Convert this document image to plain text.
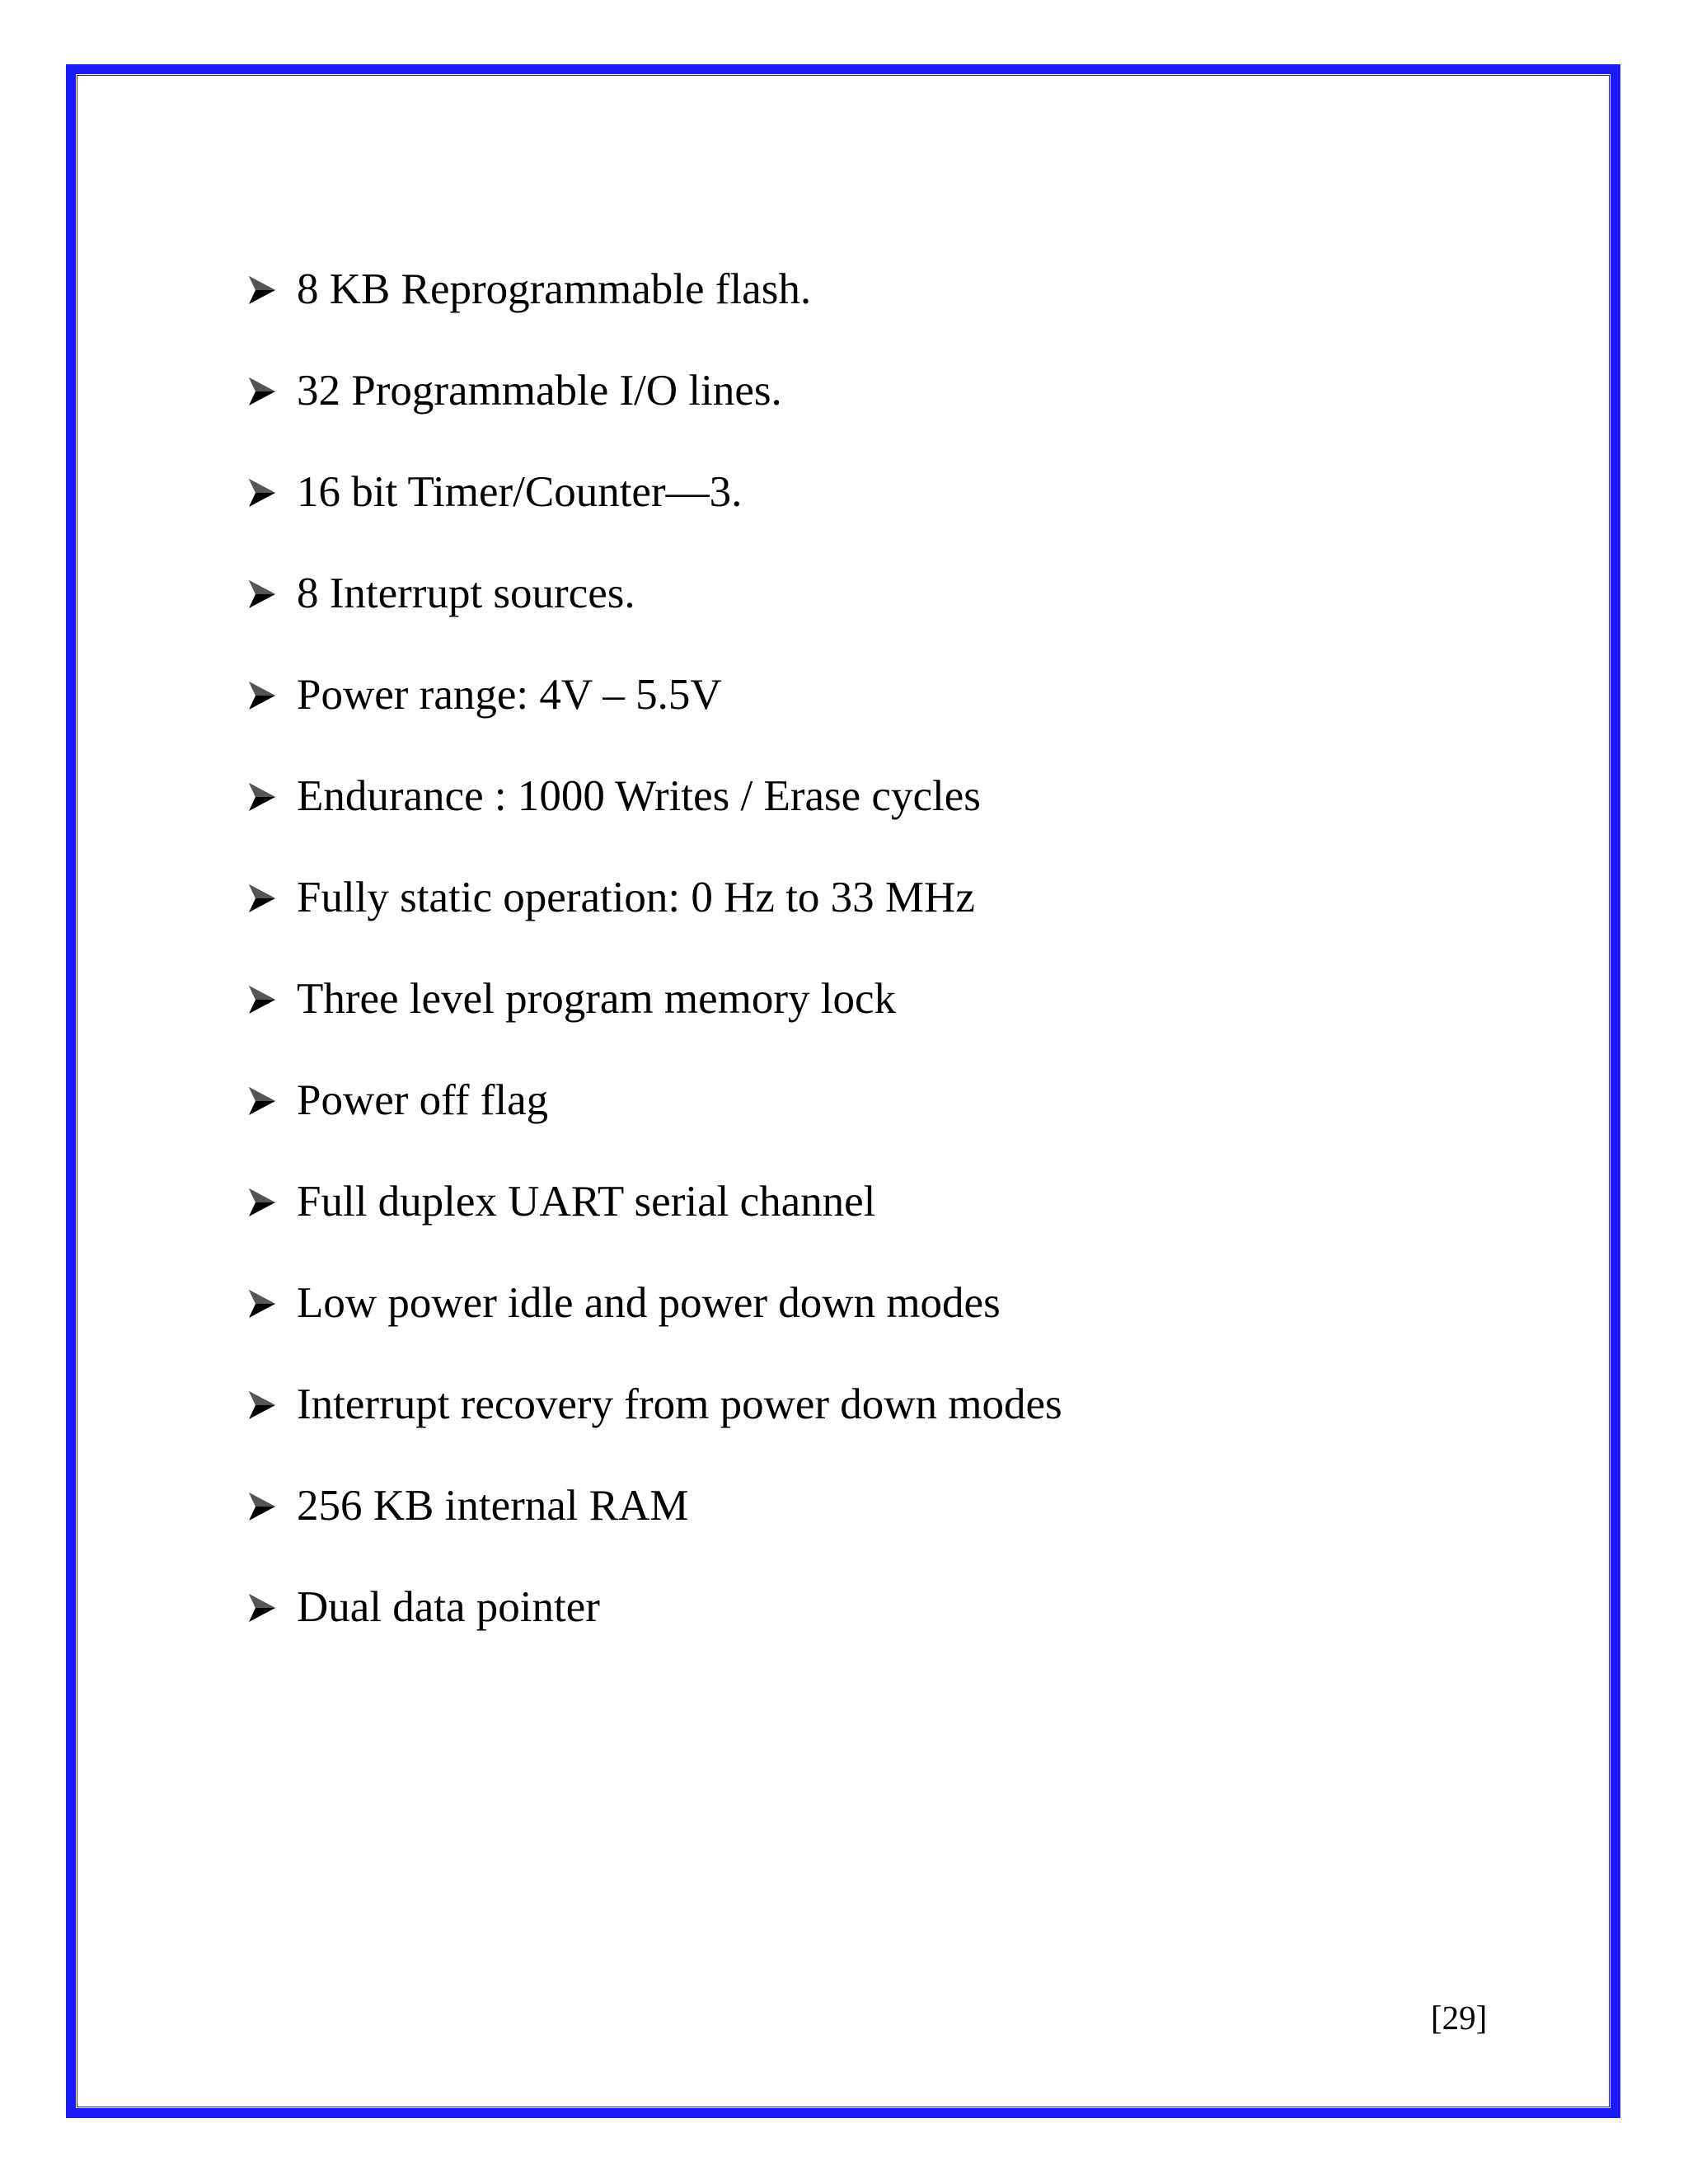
8 KB Reprogrammable flash.
32 Programmable I/O lines.
16 bit Timer/Counter—3.
8 Interrupt sources.
Power range: 4V – 5.5V
Endurance : 1000 Writes / Erase cycles
Fully static operation: 0 Hz to 33 MHz
Three level program memory lock
Power off flag
Full duplex UART serial channel
Low power idle and power down modes
Interrupt recovery from power down modes
256 KB internal RAM
Dual data pointer
[29]
